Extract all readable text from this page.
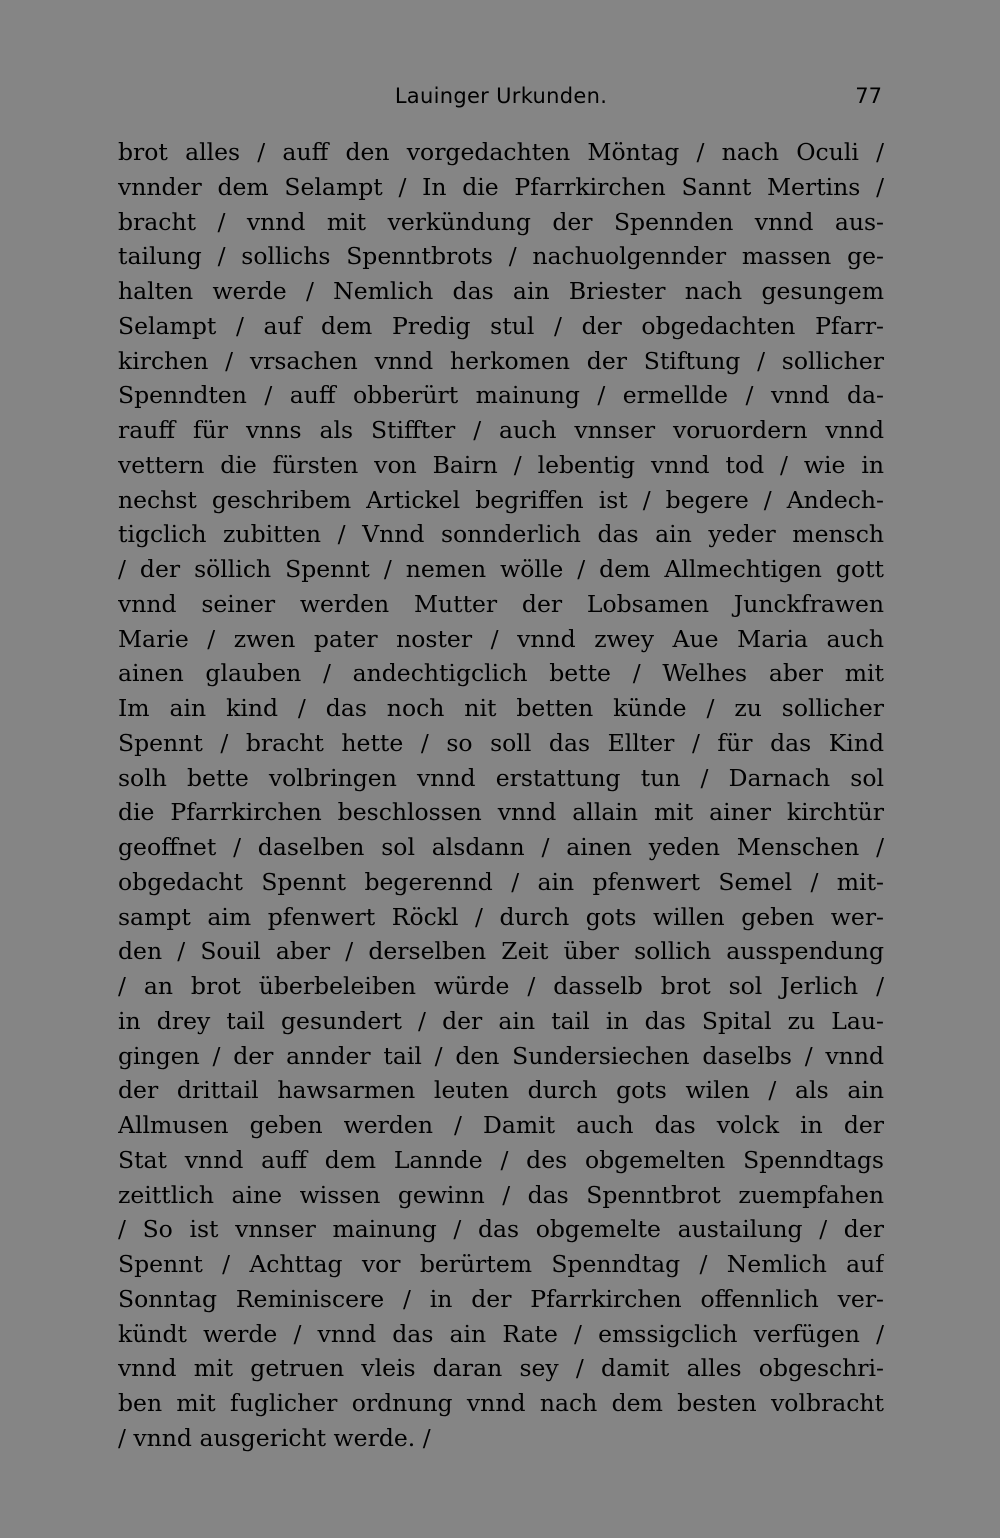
Lauinger Urkunden.	77
brot alles / auff den vorgedachten Möntag / nach Oculi /
vnnder dem Selampt / In die Pfarrkirchen Sannt Mertins /
bracht / vnnd mit verkündung der Spennden vnnd aus-
tailung / sollichs Spenntbrots / nachuolgennder massen ge-
halten werde / Nemlich das ain Briester nach gesungem
Selampt / auf dem Predig stul / der obgedachten Pfarr-
kirchen / vrsachen vnnd herkomen der Stiftung / sollicher
Spenndten / auff obberürt mainung / ermellde / vnnd da-
rauff für vnns als Stiffter / auch vnnser voruordern vnnd
vettern die fürsten von Bairn / lebentig vnnd tod / wie in
nechst geschribem Artickel begriffen ist / begere / Andech-
tigclich zubitten / Vnnd sonnderlich das ain yeder mensch
/ der söllich Spennt / nemen wölle / dem Allmechtigen gott
vnnd seiner werden Mutter der Lobsamen Junckfrawen
Marie / zwen pater noster / vnnd zwey Aue Maria auch
ainen glauben / andechtigclich bette / Welhes aber mit
Im ain kind / das noch nit betten künde / zu sollicher
Spennt / bracht hette / so soll das Ellter / für das Kind
solh bette volbringen vnnd erstattung tun / Darnach sol
die Pfarrkirchen beschlossen vnnd allain mit ainer kirchtür
geoffnet / daselben sol alsdann / ainen yeden Menschen /
obgedacht Spennt begerennd / ain pfenwert Semel / mit-
sampt aim pfenwert Röckl / durch gots willen geben wer-
den / Souil aber / derselben Zeit über sollich ausspendung
/ an brot überbeleiben würde / dasselb brot sol Jerlich /
in drey tail gesundert / der ain tail in das Spital zu Lau-
gingen / der annder tail / den Sundersiechen daselbs / vnnd
der drittail hawsarmen leuten durch gots wilen / als ain
Allmusen geben werden / Damit auch das volck in der
Stat vnnd auff dem Lannde / des obgemelten Spenndtags
zeittlich aine wissen gewinn / das Spenntbrot zuempfahen
/ So ist vnnser mainung / das obgemelte austailung / der
Spennt / Achttag vor berürtem Spenndtag / Nemlich auf
Sonntag Reminiscere / in der Pfarrkirchen offennlich ver-
kündt werde / vnnd das ain Rate / emssigclich verfügen /
vnnd mit getruen vleis daran sey / damit alles obgeschri-
ben mit fuglicher ordnung vnnd nach dem besten volbracht
/ vnnd ausgericht werde. /
